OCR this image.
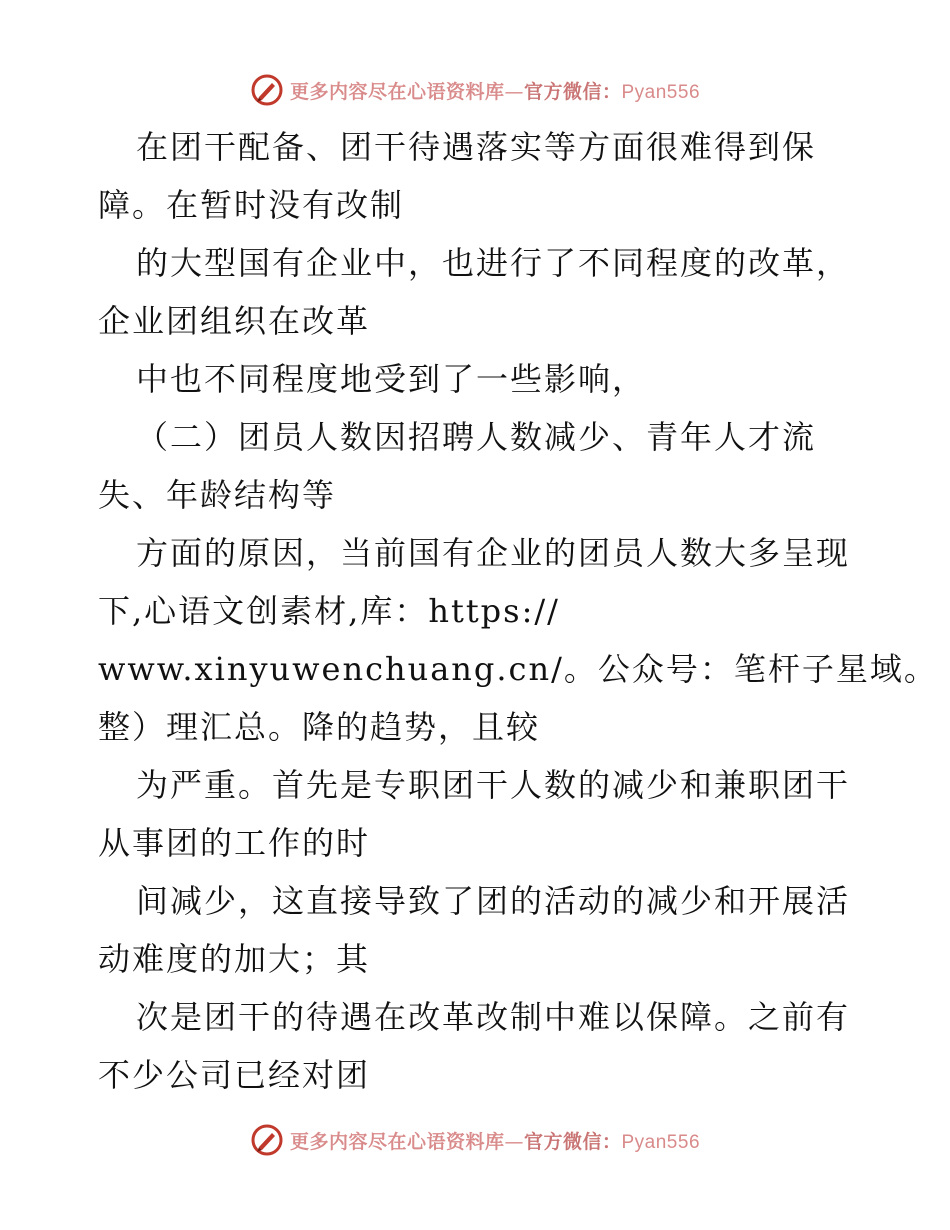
更多内容尽在心语资料库—官方微信：Pyan556
在团干配备、团干待遇落实等方面很难得到保
障。在暂时没有改制
的大型国有企业中，也进行了不同程度的改革，
企业团组织在改革
中也不同程度地受到了一些影响，
（二）团员人数因招聘人数减少、青年人才流
失、年龄结构等
方面的原因，当前国有企业的团员人数大多呈现
下,心语文创素材,库：https://
www.xinyuwenchuang.cn/。公众号：笔杆子星域。
整）理汇总。降的趋势，且较
为严重。首先是专职团干人数的减少和兼职团干
从事团的工作的时
间减少，这直接导致了团的活动的减少和开展活
动难度的加大；其
次是团干的待遇在改革改制中难以保障。之前有
不少公司已经对团
更多内容尽在心语资料库—官方微信：Pyan556
